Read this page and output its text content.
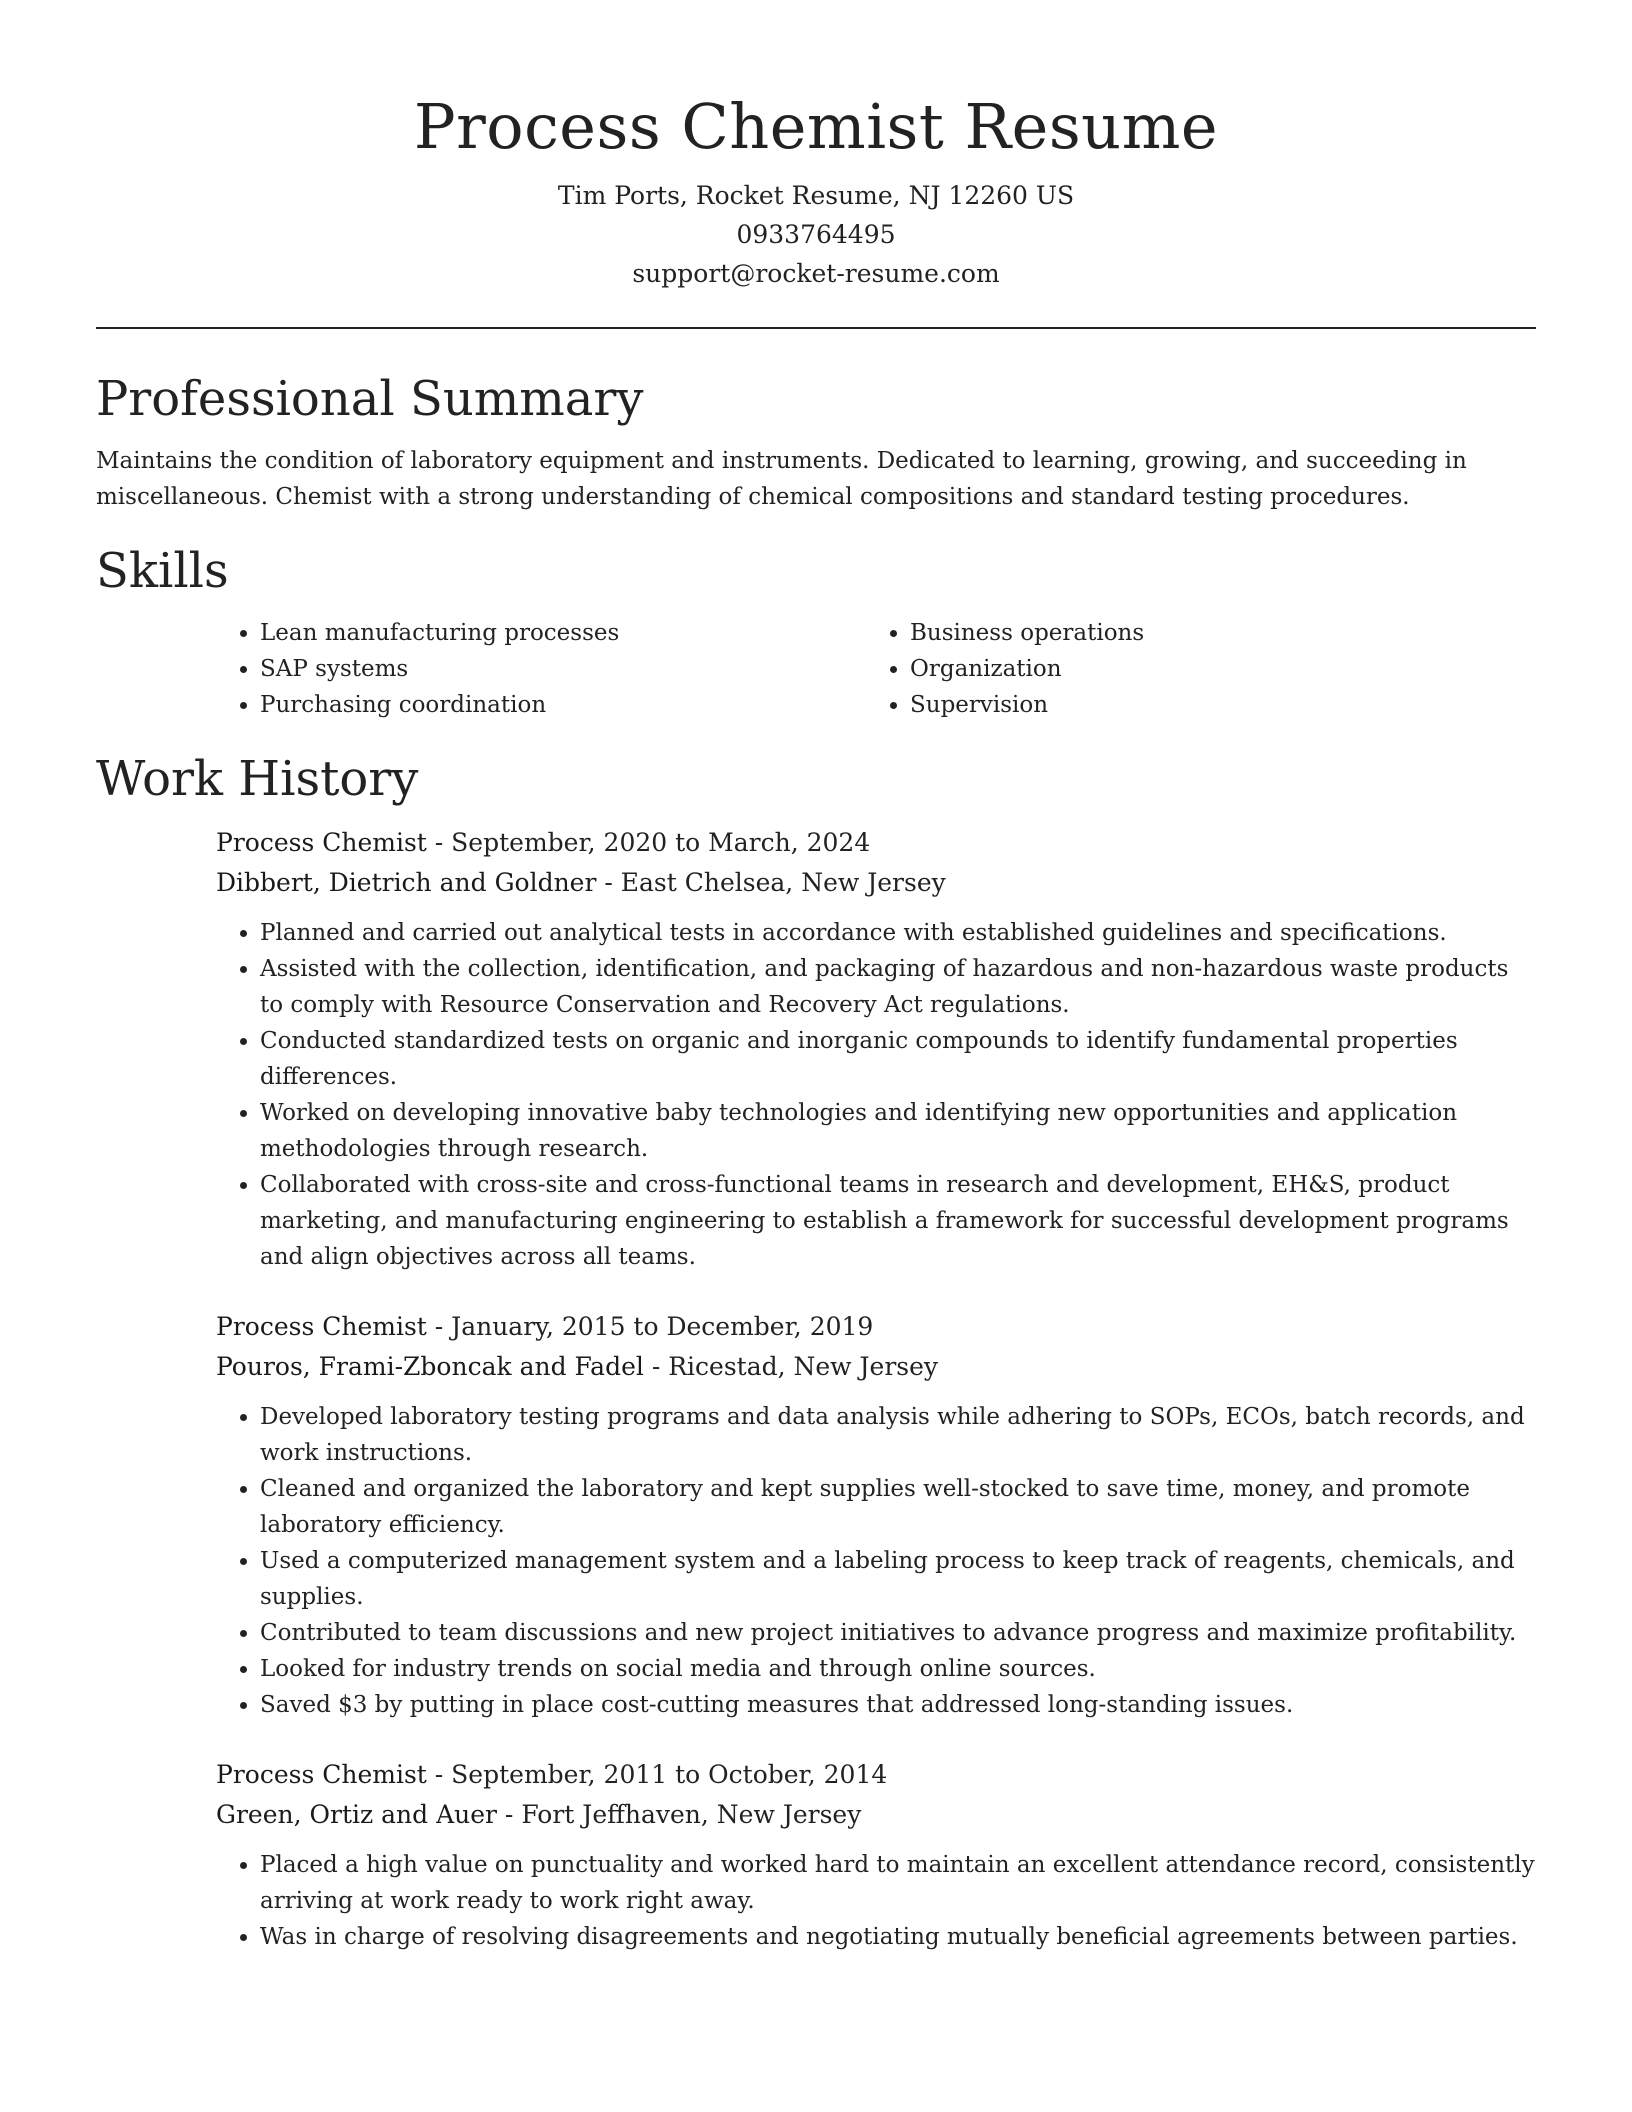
Process Chemist Resume

Tim Ports, Rocket Resume, NJ 12260 US

0933764495

support@rocket-resume.com

Professional Summary

Maintains the condition of laboratory equipment and instruments. Dedicated to learning, growing, and succeeding in miscellaneous. Chemist with a strong understanding of chemical compositions and standard testing procedures.

Skills
• Lean manufacturing processes
• SAP systems
• Purchasing coordination
• Business operations
• Organization
• Supervision
Work History

Process Chemist - September, 2020 to March, 2024

Dibbert, Dietrich and Goldner - East Chelsea, New Jersey

• Planned and carried out analytical tests in accordance with established guidelines and specifications.
• Assisted with the collection, identification, and packaging of hazardous and non-hazardous waste products to comply with Resource Conservation and Recovery Act regulations.
• Conducted standardized tests on organic and inorganic compounds to identify fundamental properties differences.
• Worked on developing innovative baby technologies and identifying new opportunities and application methodologies through research.
• Collaborated with cross-site and cross-functional teams in research and development, EH&S, product marketing, and manufacturing engineering to establish a framework for successful development programs and align objectives across all teams.

Process Chemist - January, 2015 to December, 2019

Pouros, Frami-Zboncak and Fadel - Ricestad, New Jersey

• Developed laboratory testing programs and data analysis while adhering to SOPs, ECOs, batch records, and work instructions.
• Cleaned and organized the laboratory and kept supplies well-stocked to save time, money, and promote laboratory efficiency.
• Used a computerized management system and a labeling process to keep track of reagents, chemicals, and supplies.
• Contributed to team discussions and new project initiatives to advance progress and maximize profitability.
• Looked for industry trends on social media and through online sources.
• Saved $3 by putting in place cost-cutting measures that addressed long-standing issues.

Process Chemist - September, 2011 to October, 2014

Green, Ortiz and Auer - Fort Jeffhaven, New Jersey

• Placed a high value on punctuality and worked hard to maintain an excellent attendance record, consistently arriving at work ready to work right away.
• Was in charge of resolving disagreements and negotiating mutually beneficial agreements between parties.
